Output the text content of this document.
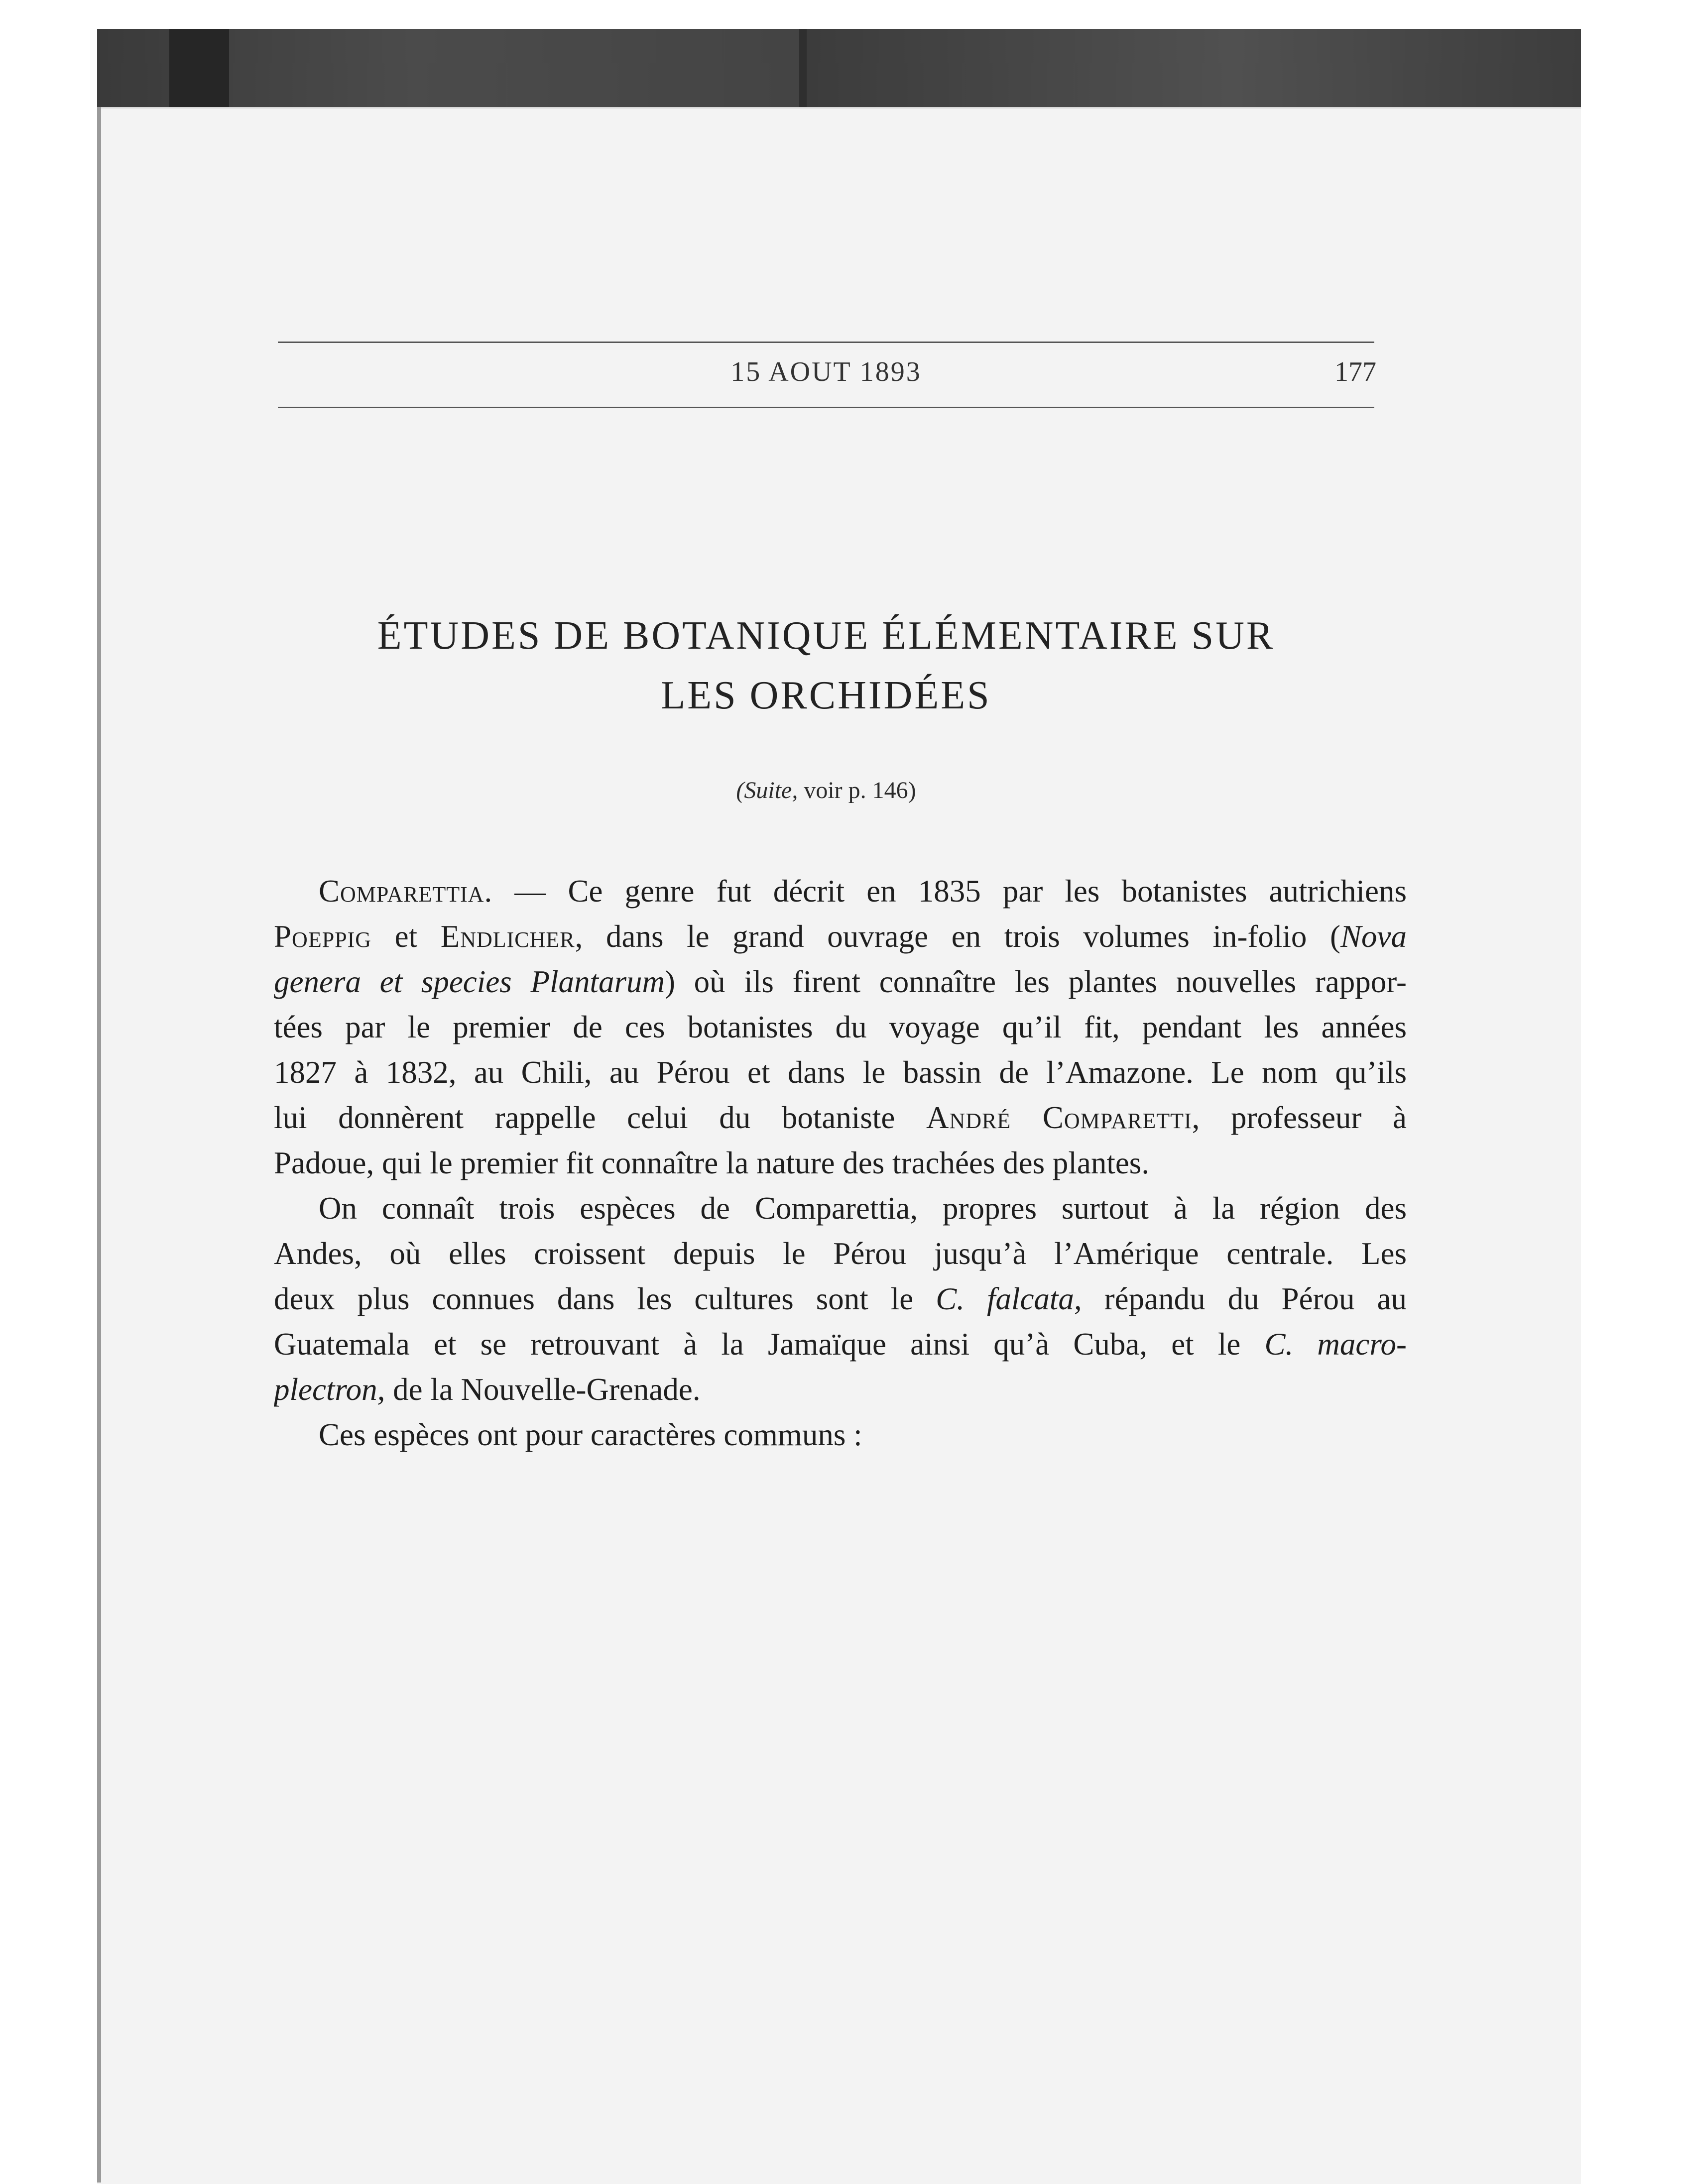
15 AOUT 1893	177
ÉTUDES DE BOTANIQUE ÉLÉMENTAIRE SUR
LES ORCHIDÉES
(Suite, voir p. 146)
Comparettia. — Ce genre fut décrit en 1835 par les botanistes autrichiens
Poeppig et Endlicher, dans le grand ouvrage en trois volumes in-folio (Nova
genera et species Plantarum) où ils firent connaître les plantes nouvelles rappor-
tées par le premier de ces botanistes du voyage qu’il fit, pendant les années
1827 à 1832, au Chili, au Pérou et dans le bassin de l’Amazone. Le nom qu’ils
lui donnèrent rappelle celui du botaniste André Comparetti, professeur à
Padoue, qui le premier fit connaître la nature des trachées des plantes.
On connaît trois espèces de Comparettia, propres surtout à la région des
Andes, où elles croissent depuis le Pérou jusqu’à l’Amérique centrale. Les
deux plus connues dans les cultures sont le C. falcata, répandu du Pérou au
Guatemala et se retrouvant à la Jamaïque ainsi qu’à Cuba, et le C. macro-
plectron, de la Nouvelle-Grenade.
Ces espèces ont pour caractères communs :
